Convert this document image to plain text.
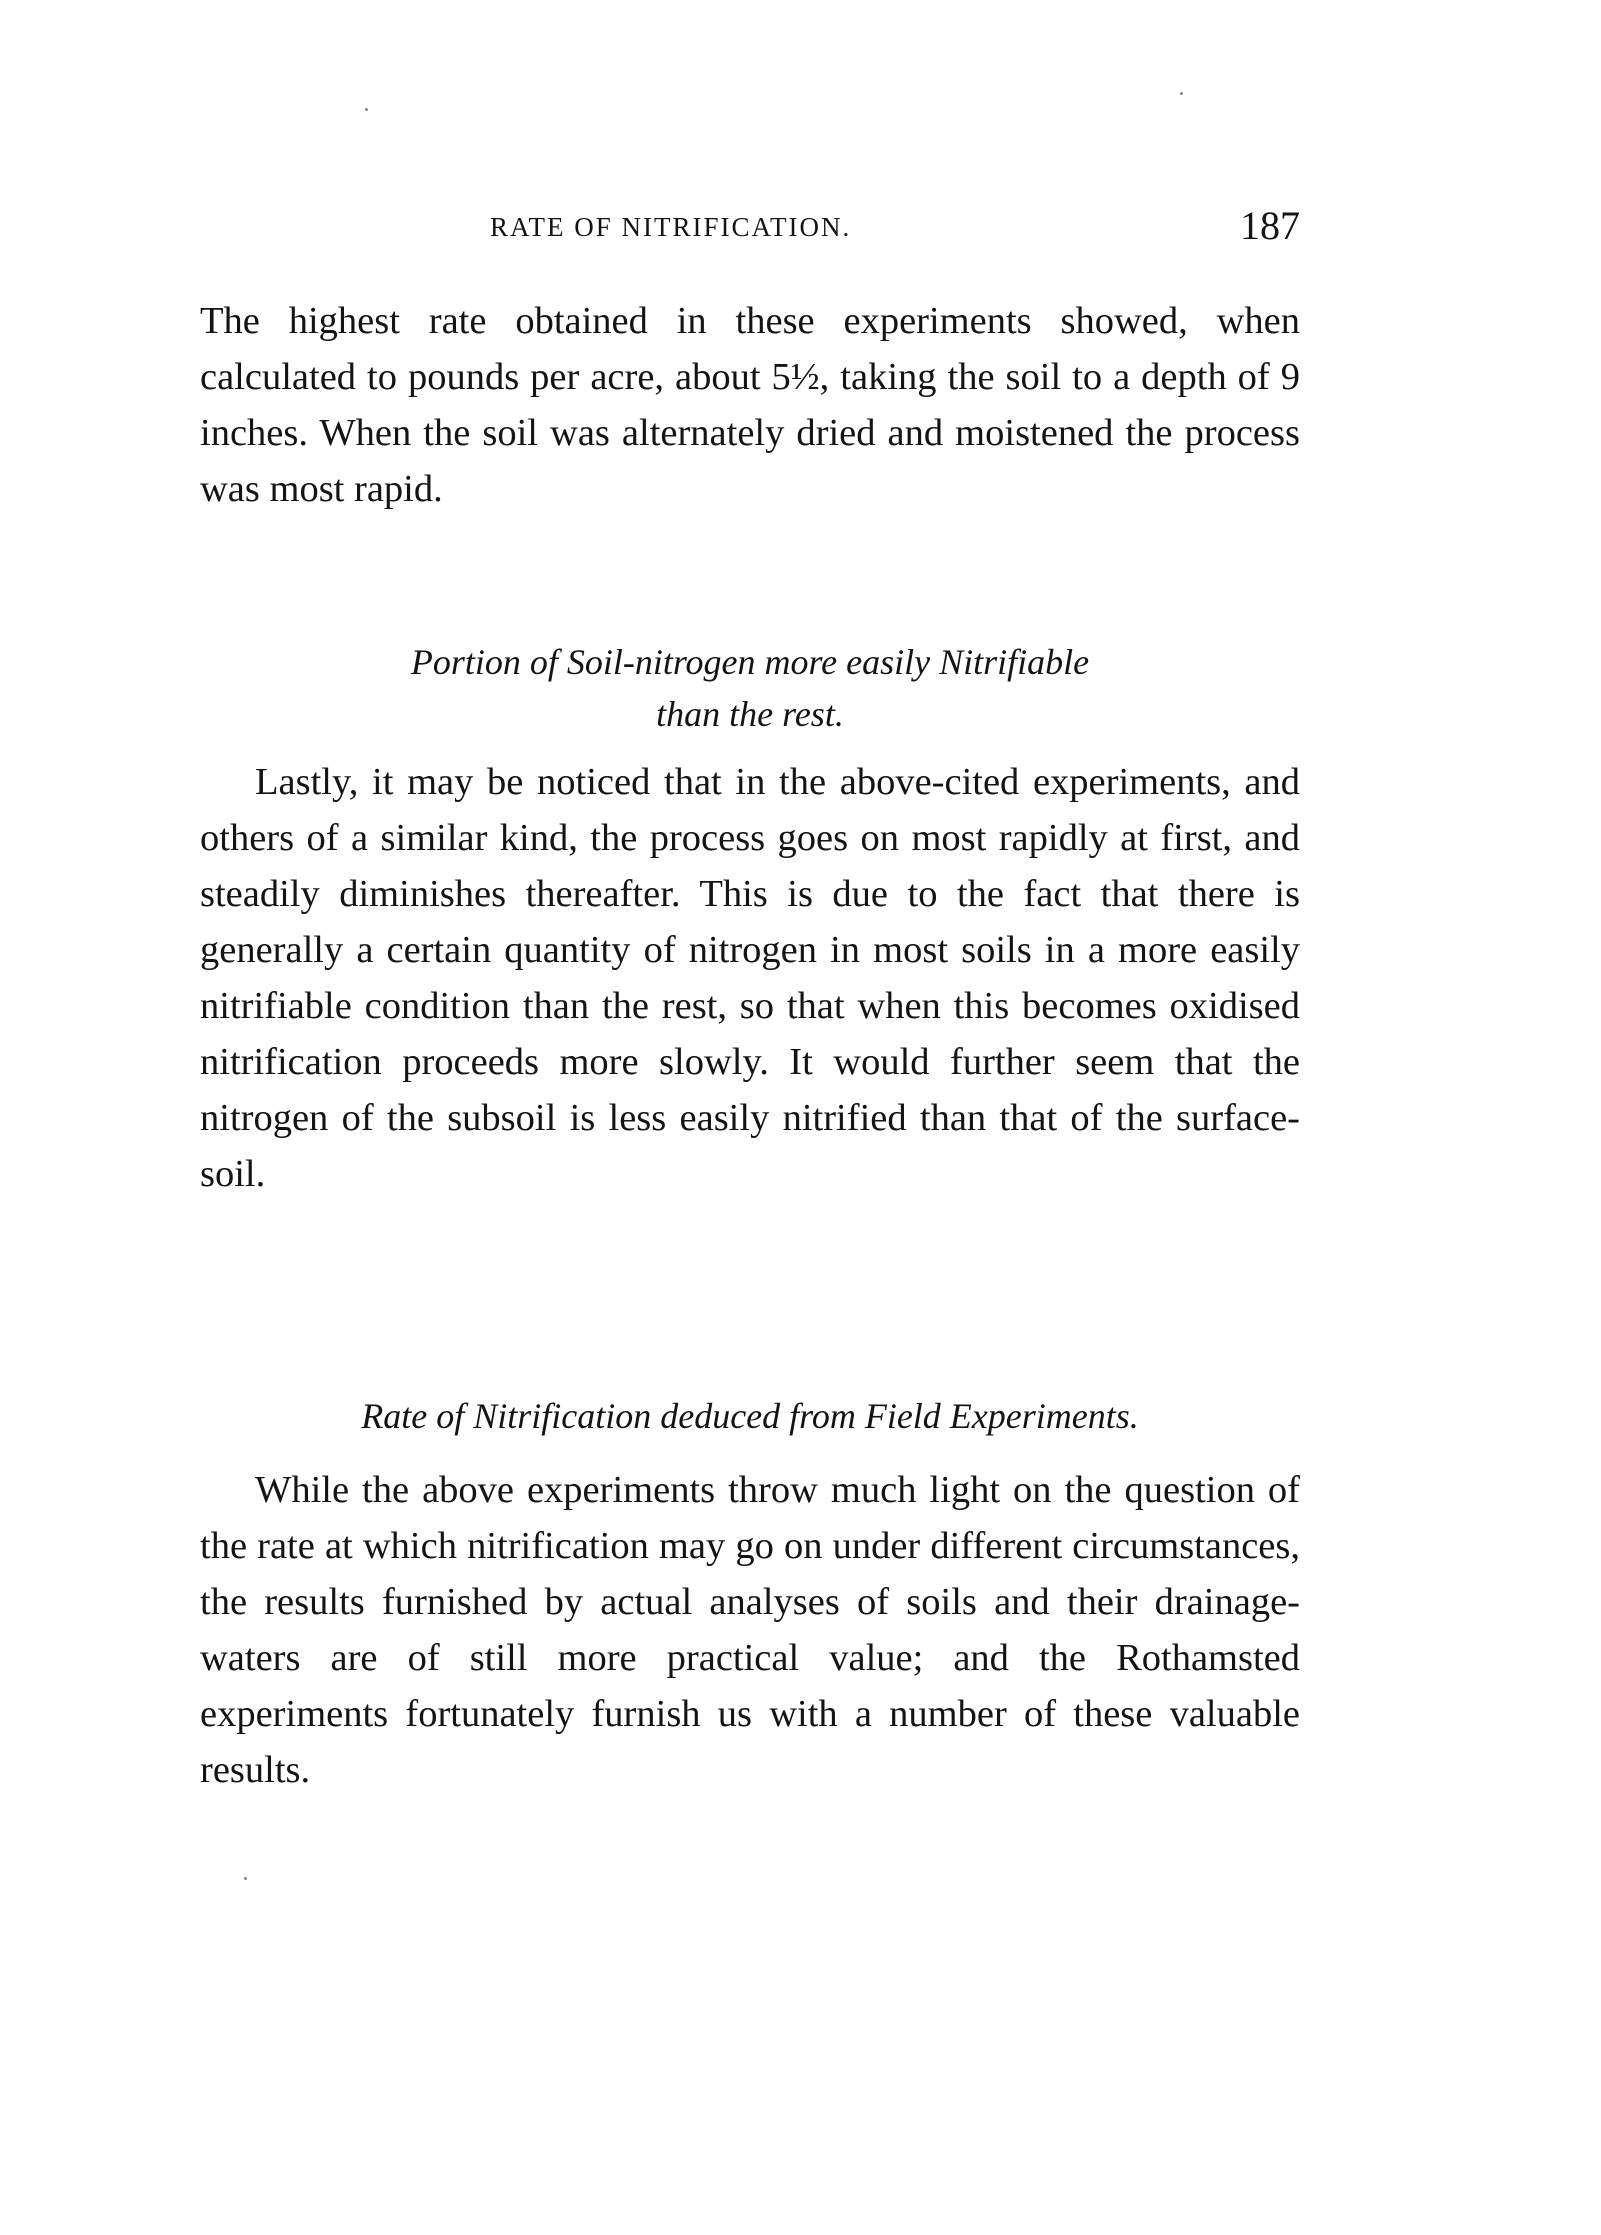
RATE OF NITRIFICATION.	187

The highest rate obtained in these experiments showed, when calculated to pounds per acre, about 5½, taking the soil to a depth of 9 inches. When the soil was alternately dried and moistened the process was most rapid.

Portion of Soil-nitrogen more easily Nitrifiable

than the rest.

Lastly, it may be noticed that in the above-cited experiments, and others of a similar kind, the process goes on most rapidly at first, and steadily diminishes thereafter. This is due to the fact that there is generally a certain quantity of nitrogen in most soils in a more easily nitrifiable condition than the rest, so that when this becomes oxidised nitrification proceeds more slowly. It would further seem that the nitrogen of the subsoil is less easily nitrified than that of the surface-soil.

Rate of Nitrification deduced from Field Experiments.

While the above experiments throw much light on the question of the rate at which nitrification may go on under different circumstances, the results furnished by actual analyses of soils and their drainage-waters are of still more practical value; and the Rothamsted experiments fortunately furnish us with a number of these valuable results.
